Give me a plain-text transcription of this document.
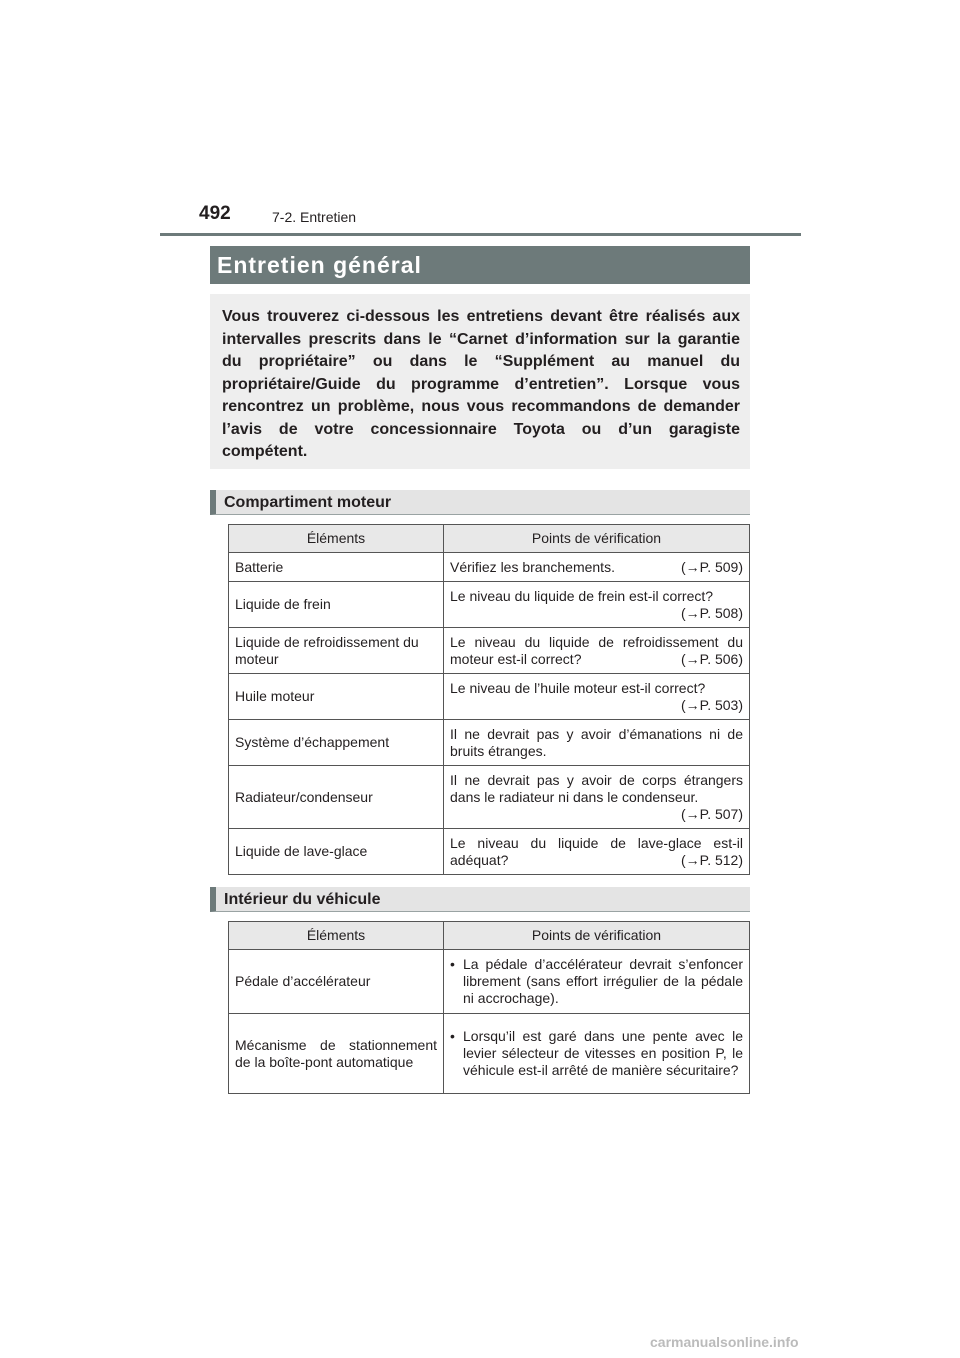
492	7-2. Entretien
Entretien général
Vous trouverez ci-dessous les entretiens devant être réalisés aux intervalles prescrits dans le “Carnet d’information sur la garantie du propriétaire” ou dans le “Supplément au manuel du propriétaire/Guide du programme d’entretien”. Lorsque vous rencontrez un problème, nous vous recommandons de demander l’avis de votre concessionnaire Toyota ou d’un garagiste compétent.
Compartiment moteur
Éléments	Points de vérification
Batterie	Vérifiez les branchements. (→P. 509)

Liquide de frein	Le niveau du liquide de frein est-il correct?
(→P. 508)

Liquide de refroidissement du moteur	Le niveau du liquide de refroidissement du moteur est-il correct? (→P. 506)

Huile moteur	Le niveau de l’huile moteur est-il correct?
(→P. 503)

Système d’échappement	Il ne devrait pas y avoir d’émanations ni de bruits étranges.
Radiateur/condenseur	Il ne devrait pas y avoir de corps étrangers dans le radiateur ni dans le condenseur.
(→P. 507)

Liquide de lave-glace	Le niveau du liquide de lave-glace est-il adéquat? (→P. 512)
Intérieur du véhicule
Éléments	Points de vérification
Pédale d’accélérateur	• La pédale d’accélérateur devrait s’enfoncer librement (sans effort irrégulier de la pédale ni accrochage).

Mécanisme de stationnement de la boîte-pont automatique	• Lorsqu’il est garé dans une pente avec le levier sélecteur de vitesses en position P, le véhicule est-il arrêté de manière sécuritaire?
carmanualsonline.info
